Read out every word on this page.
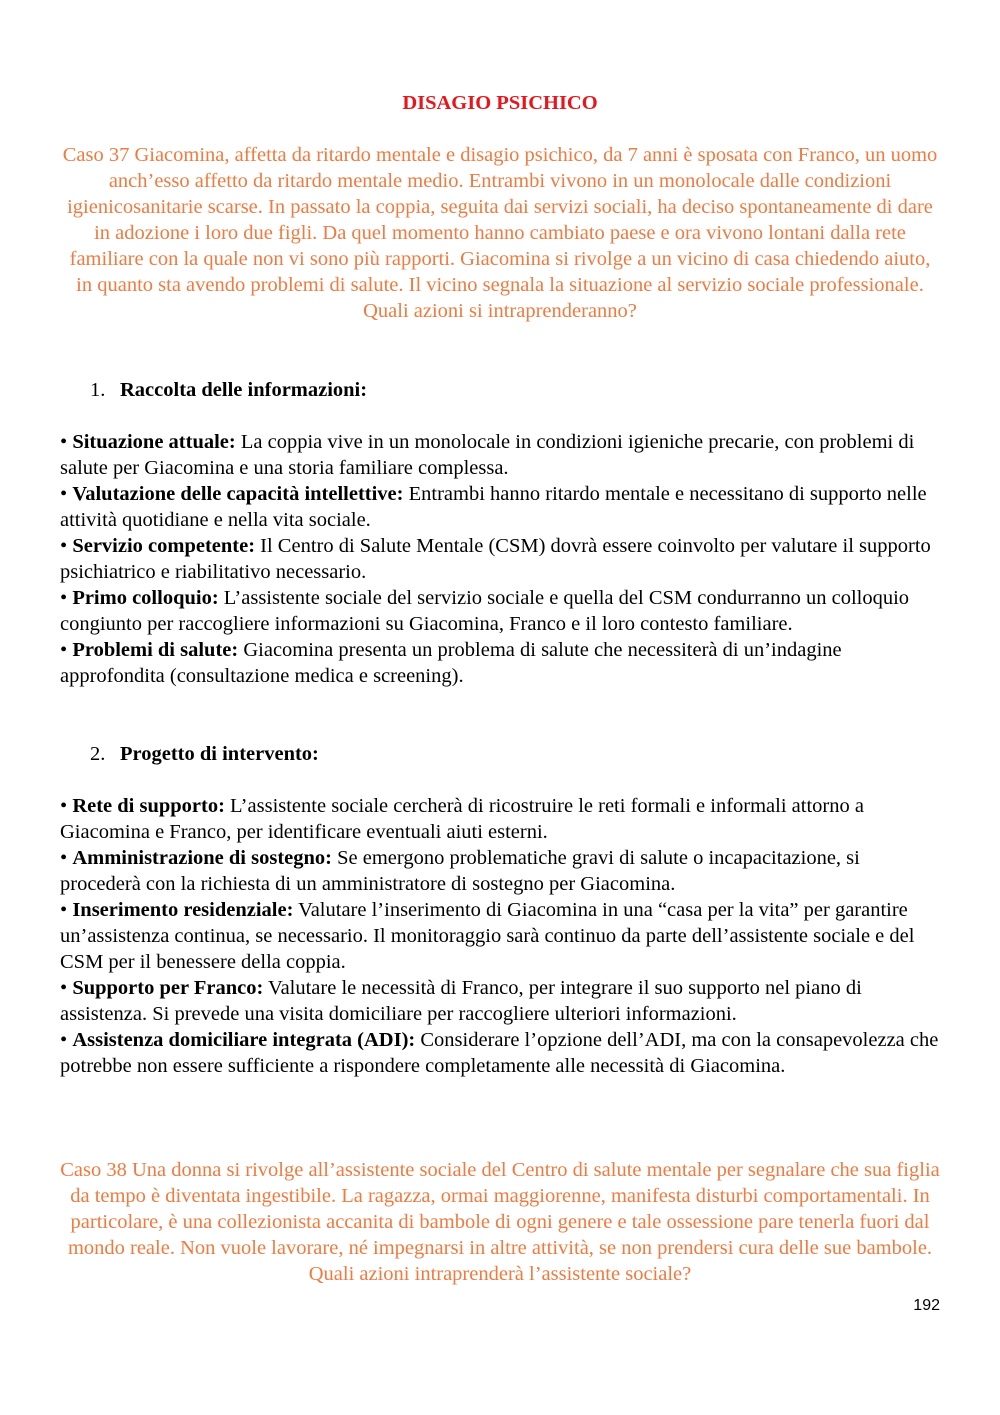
DISAGIO PSICHICO
Caso 37 Giacomina, affetta da ritardo mentale e disagio psichico, da 7 anni è sposata con Franco, un uomo anch’esso affetto da ritardo mentale medio. Entrambi vivono in un monolocale dalle condizioni igienicosanitarie scarse. In passato la coppia, seguita dai servizi sociali, ha deciso spontaneamente di dare in adozione i loro due figli. Da quel momento hanno cambiato paese e ora vivono lontani dalla rete familiare con la quale non vi sono più rapporti. Giacomina si rivolge a un vicino di casa chiedendo aiuto, in quanto sta avendo problemi di salute. Il vicino segnala la situazione al servizio sociale professionale. Quali azioni si intraprenderanno?
1. Raccolta delle informazioni:

• Situazione attuale: La coppia vive in un monolocale in condizioni igieniche precarie, con problemi di salute per Giacomina e una storia familiare complessa.

• Valutazione delle capacità intellettive: Entrambi hanno ritardo mentale e necessitano di supporto nelle attività quotidiane e nella vita sociale.

• Servizio competente: Il Centro di Salute Mentale (CSM) dovrà essere coinvolto per valutare il supporto psichiatrico e riabilitativo necessario.

• Primo colloquio: L’assistente sociale del servizio sociale e quella del CSM condurranno un colloquio congiunto per raccogliere informazioni su Giacomina, Franco e il loro contesto familiare.

• Problemi di salute: Giacomina presenta un problema di salute che necessiterà di un’indagine approfondita (consultazione medica e screening).

2. Progetto di intervento:

• Rete di supporto: L’assistente sociale cercherà di ricostruire le reti formali e informali attorno a Giacomina e Franco, per identificare eventuali aiuti esterni.

• Amministrazione di sostegno: Se emergono problematiche gravi di salute o incapacitazione, si procederà con la richiesta di un amministratore di sostegno per Giacomina.

• Inserimento residenziale: Valutare l’inserimento di Giacomina in una “casa per la vita” per garantire un’assistenza continua, se necessario. Il monitoraggio sarà continuo da parte dell’assistente sociale e del CSM per il benessere della coppia.

• Supporto per Franco: Valutare le necessità di Franco, per integrare il suo supporto nel piano di assistenza. Si prevede una visita domiciliare per raccogliere ulteriori informazioni.

• Assistenza domiciliare integrata (ADI): Considerare l’opzione dell’ADI, ma con la consapevolezza che potrebbe non essere sufficiente a rispondere completamente alle necessità di Giacomina.

Caso 38 Una donna si rivolge all’assistente sociale del Centro di salute mentale per segnalare che sua figlia da tempo è diventata ingestibile. La ragazza, ormai maggiorenne, manifesta disturbi comportamentali. In particolare, è una collezionista accanita di bambole di ogni genere e tale ossessione pare tenerla fuori dal mondo reale. Non vuole lavorare, né impegnarsi in altre attività, se non prendersi cura delle sue bambole. Quali azioni intraprenderà l’assistente sociale?
192
